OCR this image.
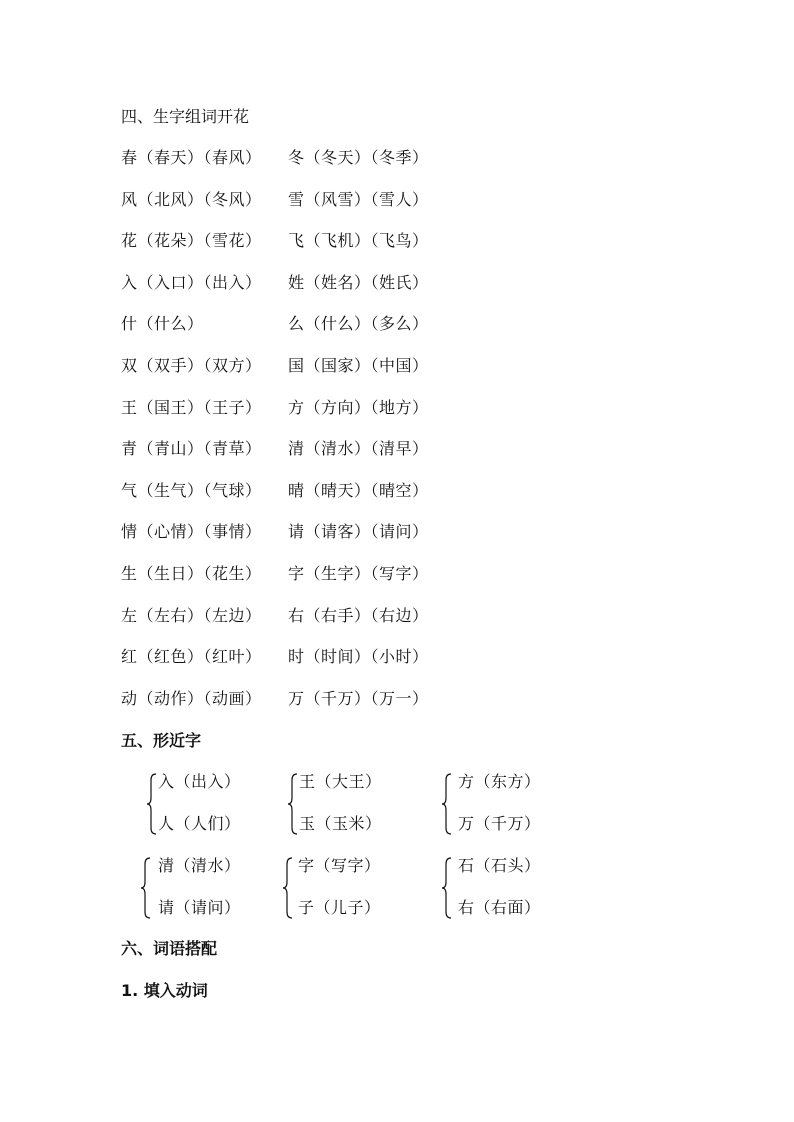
四、生字组词开花
春（春天）（春风） 冬（冬天）（冬季）
风（北风）（冬风） 雪（风雪）（雪人）
花（花朵）（雪花） 飞（飞机）（飞鸟）
入（入口）（出入） 姓（姓名）（姓氏）
什（什么）	么（什么）（多么）
双（双手）（双方） 国（国家）（中国）
王（国王）（王子） 方（方向）（地方）
青（青山）（青草） 清（清水）（清早）
气（生气）（气球） 晴（晴天）（晴空）
情（心情）（事情） 请（请客）（请问）
生（生日）（花生） 字（生字）（写字）
左（左右）（左边） 右（右手）（右边）
红（红色）（红叶） 时（时间）（小时）
动（动作）（动画） 万（千万）（万一）
五、形近字
入（出入）
人（人们）
王（大王）
玉（玉米）
方（东方）
万（千万）
清（清水）
请（请问）
字（写字）
子（儿子）
石（石头）
右（右面）
六、词语搭配
1. 填入动词
